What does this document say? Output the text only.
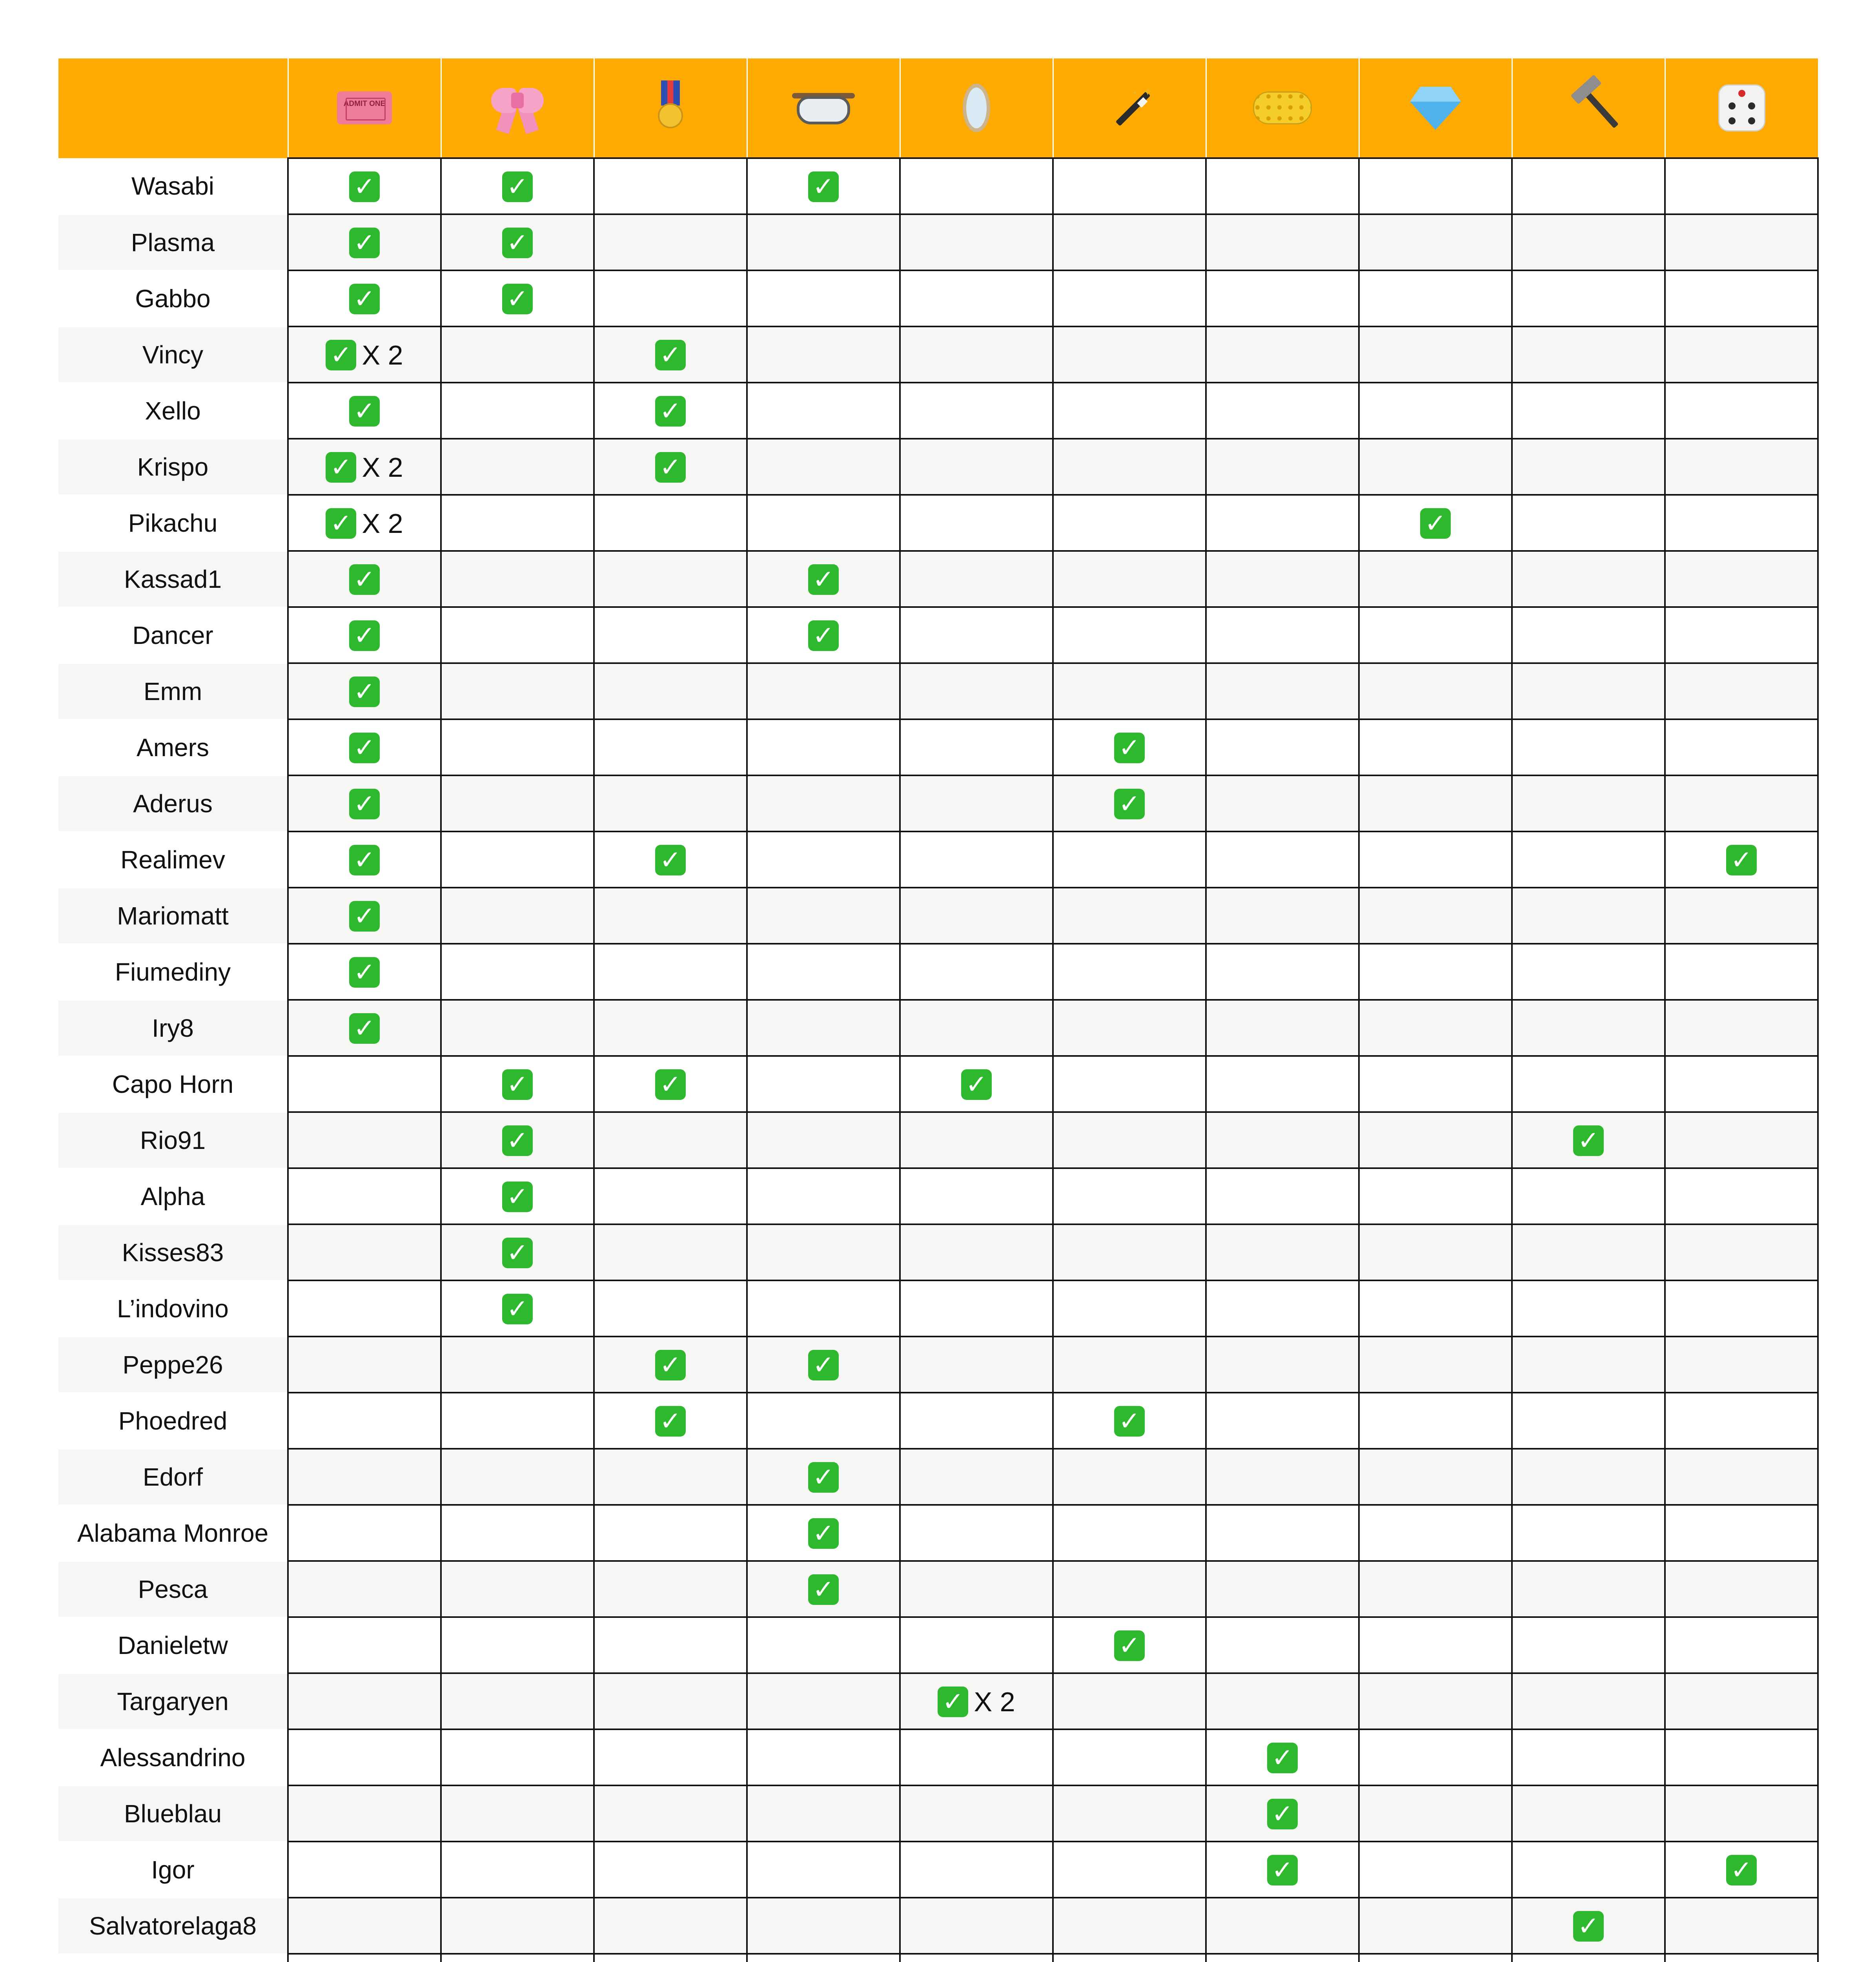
	ADMIT ONE					✦
✦				

Wasabi	✓	✓		✓						
Plasma	✓	✓								
Gabbo	✓	✓								
Vincy	✓ X 2		✓							
Xello	✓		✓							
Krispo	✓ X 2		✓							
Pikachu	✓ X 2							✓		
Kassad1	✓			✓						
Dancer	✓			✓						
Emm	✓									
Amers	✓					✓				
Aderus	✓					✓				
Realimev	✓		✓							✓
Mariomatt	✓									
Fiumediny	✓									
Iry8	✓									
Capo Horn		✓	✓		✓					
Rio91		✓							✓	
Alpha		✓								
Kisses83		✓								
L’indovino		✓								
Peppe26			✓	✓						
Phoedred			✓			✓				
Edorf				✓						
Alabama Monroe				✓						
Pesca				✓						
Danieletw						✓				
Targaryen					✓ X 2					
Alessandrino							✓			
Blueblau							✓			
Igor							✓			✓
Salvatorelaga8									✓	
